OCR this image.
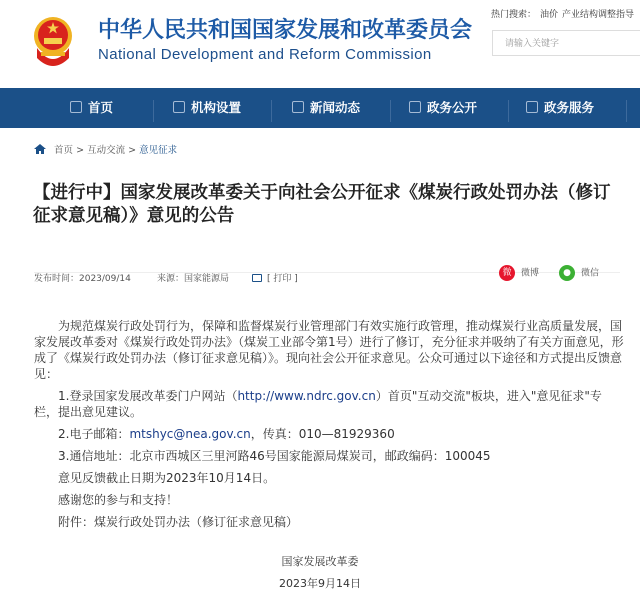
中华人民共和国国家发展和改革委员会
National Development and Reform Commission
热门搜索： 油价 产业结构调整指导
请输入关键字
首页	机构设置	新闻动态	政务公开	政务服务
首页 > 互动交流 > 意见征求
【进行中】国家发展改革委关于向社会公开征求《煤炭行政处罚办法（修订征求意见稿）》意见的公告
发布时间：2023/09/14	来源：国家能源局	[ 打印 ]
微 微博	● 微信

为规范煤炭行政处罚行为，保障和监督煤炭行业管理部门有效实施行政管理，推动煤炭行业高质量发展，国家发展改革委对《煤炭行政处罚办法》（煤炭工业部令第1号）进行了修订，充分征求并吸纳了有关方面意见，形成了《煤炭行政处罚办法（修订征求意见稿）》。现向社会公开征求意见。公众可通过以下途径和方式提出反馈意见：

1.登录国家发展改革委门户网站（http://www.ndrc.gov.cn）首页"互动交流"板块，进入"意见征求"专栏，提出意见建议。

2.电子邮箱：mtshyc@nea.gov.cn，传真：010—81929360

3.通信地址：北京市西城区三里河路46号国家能源局煤炭司，邮政编码：100045

意见反馈截止日期为2023年10月14日。

感谢您的参与和支持！

附件：煤炭行政处罚办法（修订征求意见稿）

国家发展改革委
2023年9月14日
